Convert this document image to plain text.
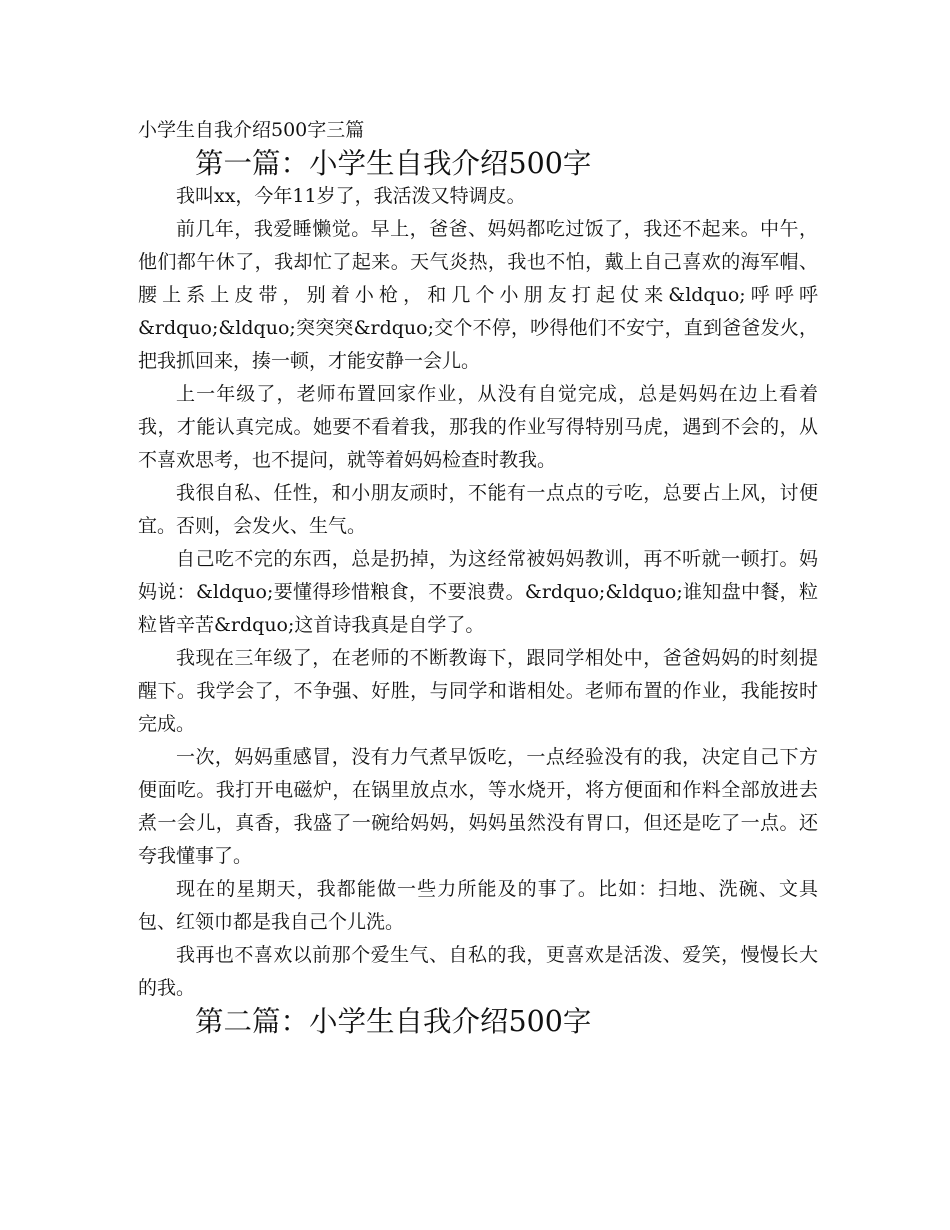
小学生自我介绍500字三篇
第一篇：小学生自我介绍500字

我叫xx，今年11岁了，我活泼又特调皮。

前几年，我爱睡懒觉。早上，爸爸、妈妈都吃过饭了，我还不起来。中午，他们都午休了，我却忙了起来。天气炎热，我也不怕，戴上自己喜欢的海军帽、腰上系上皮带，别着小枪，和几个小朋友打起仗来&ldquo;呼呼呼&rdquo;&ldquo;突突突&rdquo;交个不停，吵得他们不安宁，直到爸爸发火，把我抓回来，揍一顿，才能安静一会儿。

上一年级了，老师布置回家作业，从没有自觉完成，总是妈妈在边上看着我，才能认真完成。她要不看着我，那我的作业写得特别马虎，遇到不会的，从不喜欢思考，也不提问，就等着妈妈检查时教我。

我很自私、任性，和小朋友顽时，不能有一点点的亏吃，总要占上风，讨便宜。否则，会发火、生气。

自己吃不完的东西，总是扔掉，为这经常被妈妈教训，再不听就一顿打。妈妈说：&ldquo;要懂得珍惜粮食，不要浪费。&rdquo;&ldquo;谁知盘中餐，粒粒皆辛苦&rdquo;这首诗我真是自学了。

我现在三年级了，在老师的不断教诲下，跟同学相处中，爸爸妈妈的时刻提醒下。我学会了，不争强、好胜，与同学和谐相处。老师布置的作业，我能按时完成。

一次，妈妈重感冒，没有力气煮早饭吃，一点经验没有的我，决定自己下方便面吃。我打开电磁炉，在锅里放点水，等水烧开，将方便面和作料全部放进去煮一会儿，真香，我盛了一碗给妈妈，妈妈虽然没有胃口，但还是吃了一点。还夸我懂事了。

现在的星期天，我都能做一些力所能及的事了。比如：扫地、洗碗、文具包、红领巾都是我自己个儿洗。

我再也不喜欢以前那个爱生气、自私的我，更喜欢是活泼、爱笑，慢慢长大的我。

第二篇：小学生自我介绍500字
